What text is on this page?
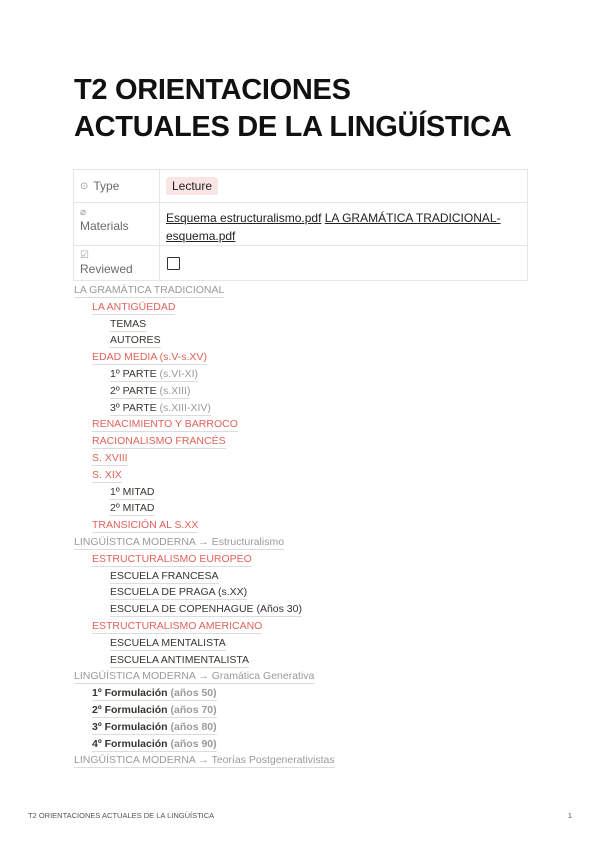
T2 ORIENTACIONES
ACTUALES DE LA LINGÜÍSTICA
⊙ Type	Lecture

⌀
Materials	Esquema estructuralismo.pdf LA GRAMÁTICA TRADICIONAL-esquema.pdf

☑
Reviewed	

LA GRAMÁTICA TRADICIONAL
LA ANTIGÜEDAD
TEMAS
AUTORES
EDAD MEDIA (s.V-s.XV)
1º PARTE (s.VI-XI)
2º PARTE (s.XIII)
3º PARTE (s.XIII-XIV)
RENACIMIENTO Y BARROCO
RACIONALISMO FRANCÉS
S. XVIII
S. XIX
1º MITAD
2º MITAD
TRANSICIÓN AL S.XX
LINGÜÍSTICA MODERNA → Estructuralismo
ESTRUCTURALISMO EUROPEO
ESCUELA FRANCESA
ESCUELA DE PRAGA (s.XX)
ESCUELA DE COPENHAGUE (Años 30)
ESTRUCTURALISMO AMERICANO
ESCUELA MENTALISTA
ESCUELA ANTIMENTALISTA
LINGÜÍSTICA MODERNA → Gramática Generativa
1º Formulación (años 50)
2º Formulación (años 70)
3º Formulación (años 80)
4º Formulación (años 90)
LINGÜÍSTICA MODERNA → Teorías Postgenerativistas
T2 ORIENTACIONES ACTUALES DE LA LINGÜÍSTICA	1
